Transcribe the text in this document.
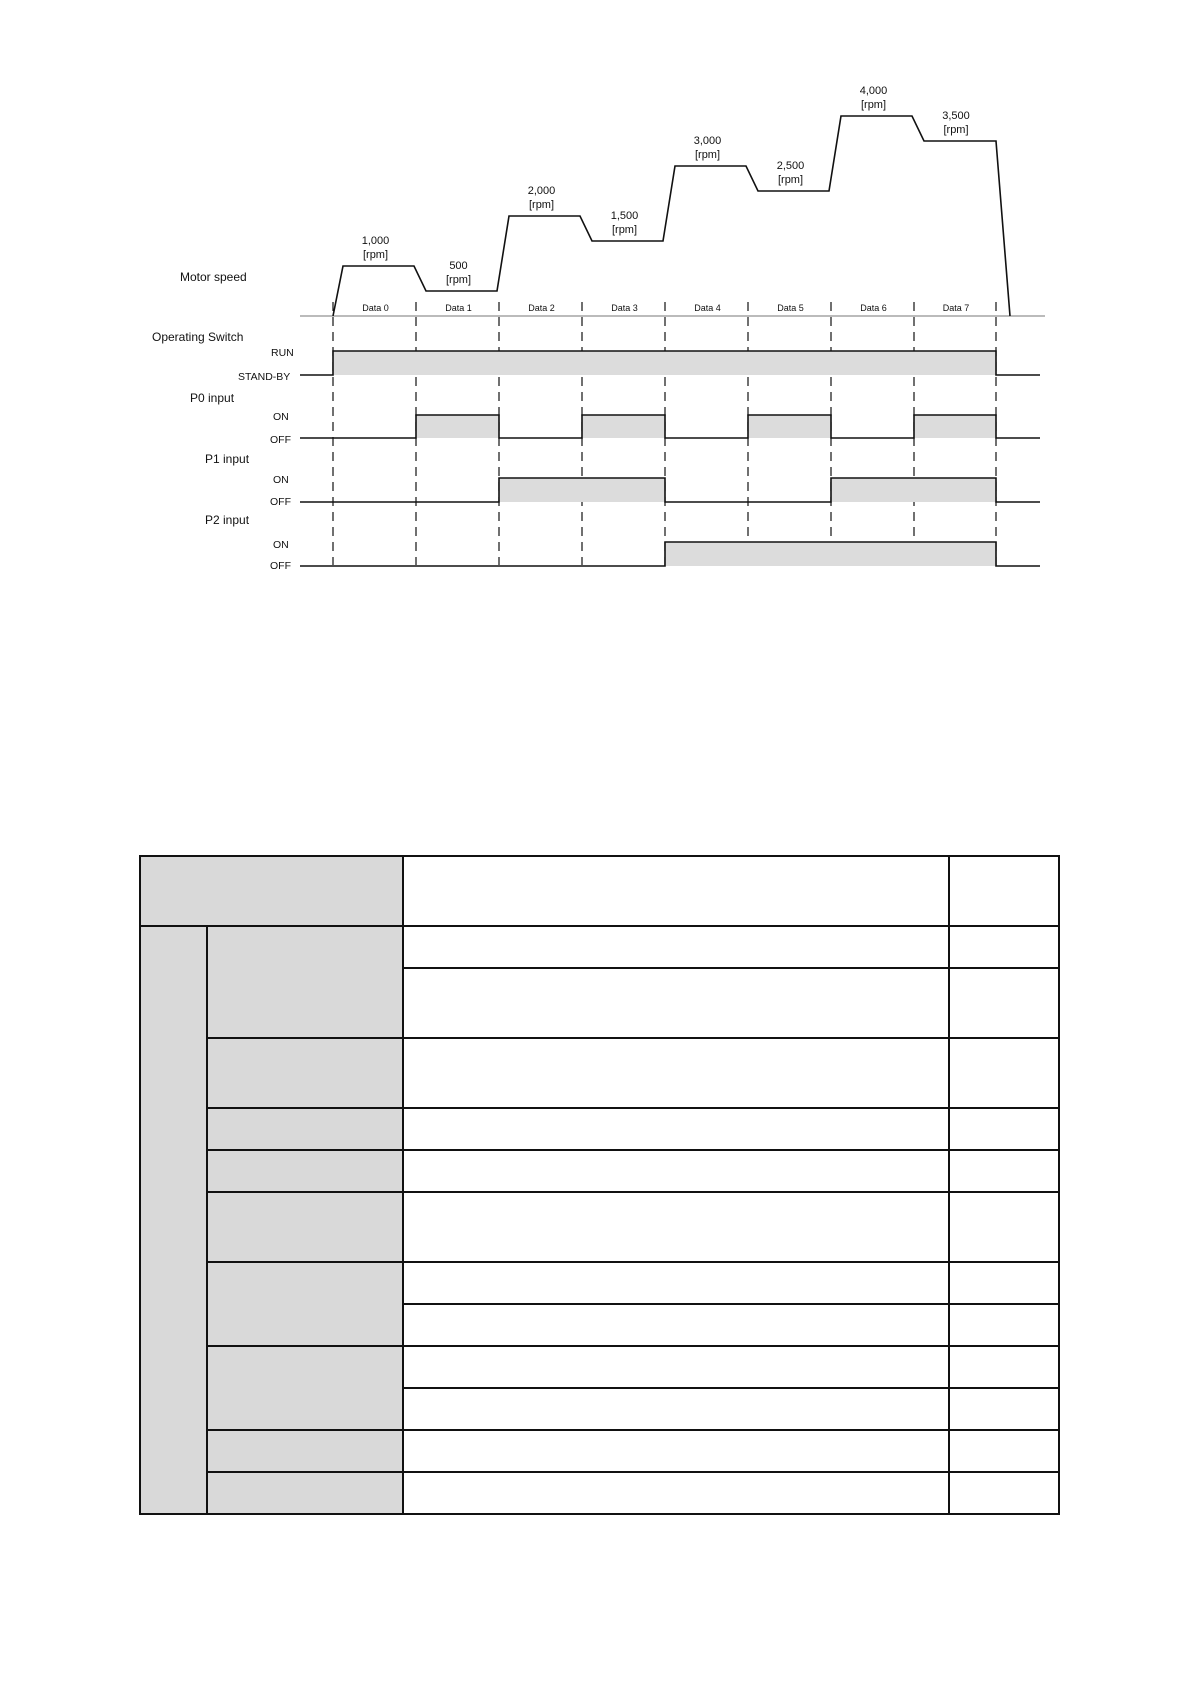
Motor speed
Operating Switch
P0 input
P1 input
P2 input
RUN
STAND-BY
ON
OFF
ON
OFF
ON
OFF
1,000
[rpm]
Data 0
500
[rpm]
Data 1
2,000
[rpm]
Data 2
1,500
[rpm]
Data 3
3,000
[rpm]
Data 4
2,500
[rpm]
Data 5
4,000
[rpm]
Data 6
3,500
[rpm]
Data 7
